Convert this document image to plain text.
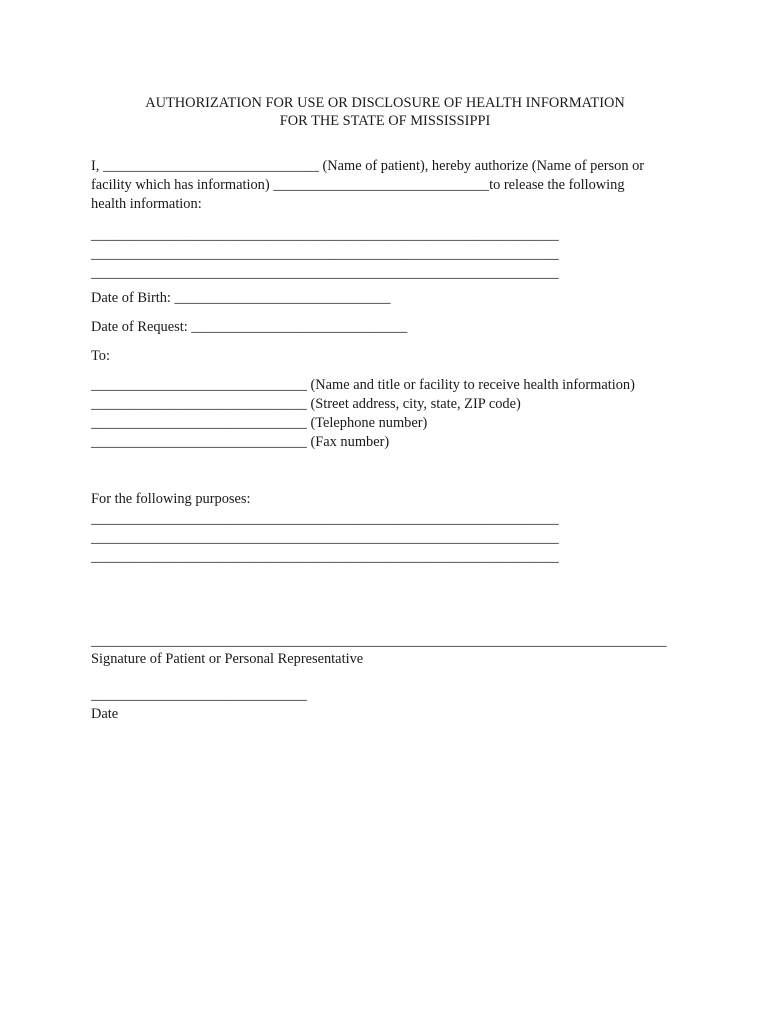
AUTHORIZATION FOR USE OR DISCLOSURE OF HEALTH INFORMATION
FOR THE STATE OF MISSISSIPPI
I, ______________________________ (Name of patient), hereby authorize (Name of person or
facility which has information) ______________________________to release the following
health information:
_________________________________________________________________
_________________________________________________________________
_________________________________________________________________
Date of Birth: ______________________________
Date of Request: ______________________________
To:
______________________________ (Name and title or facility to receive health information)
______________________________ (Street address, city, state, ZIP code)
______________________________ (Telephone number)
______________________________ (Fax number)
For the following purposes:
_________________________________________________________________
_________________________________________________________________
_________________________________________________________________
________________________________________________________________________________
Signature of Patient or Personal Representative
______________________________
Date
